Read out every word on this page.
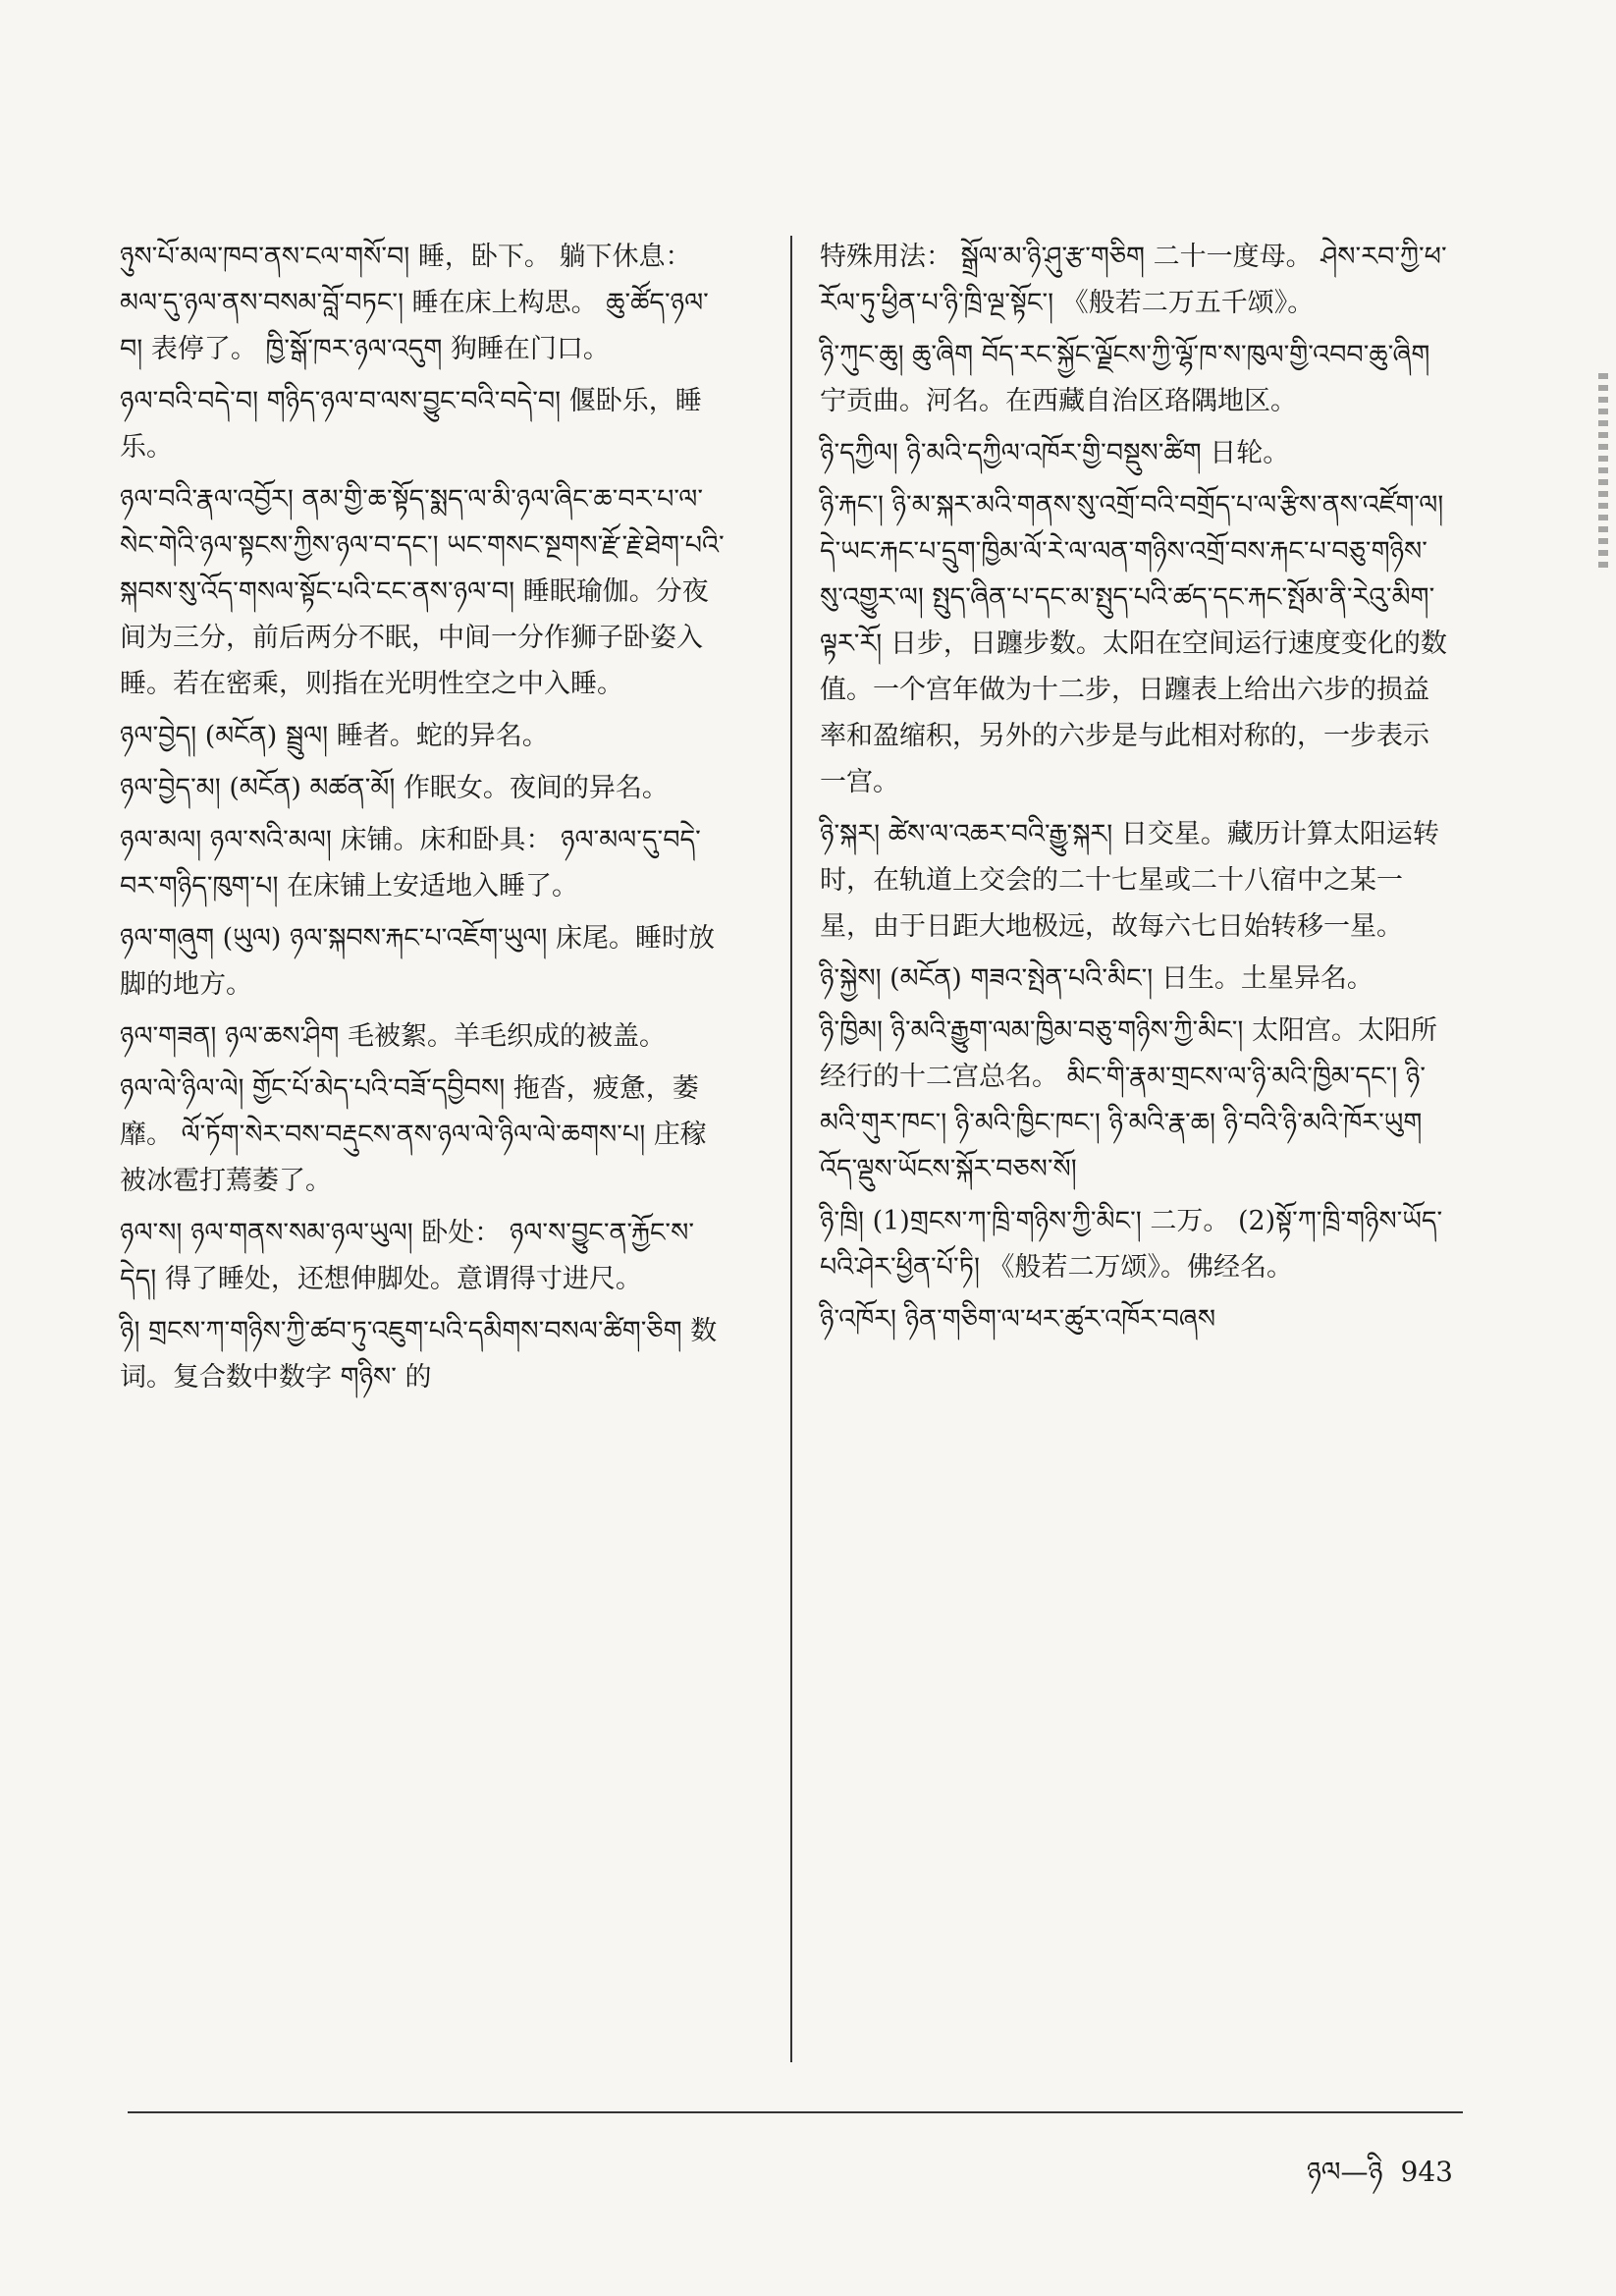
ཉུས་པོ་མལ་ཁབ་ནས་ངལ་གསོ་བ། 睡，卧下。 躺下休息： མལ་དུ་ཉལ་ནས་བསམ་བློ་བཏང་། 睡在床上构思。 ཆུ་ཚོད་ཉལ་བ། 表停了。 ཁྱི་སྒོ་ཁར་ཉལ་འདུག 狗睡在门口。
ཉལ་བའི་བདེ་བ། གཉིད་ཉལ་བ་ལས་བྱུང་བའི་བདེ་བ། 偃卧乐，睡乐。
ཉལ་བའི་རྣལ་འབྱོར། ནམ་གྱི་ཆ་སྟོད་སྨད་ལ་མི་ཉལ་ཞིང་ཆ་བར་པ་ལ་སེང་གེའི་ཉལ་སྟངས་ཀྱིས་ཉལ་བ་དང་། ཡང་གསང་སྔགས་རྫོ་རྗེ་ཐེག་པའི་སྐབས་སུ་འོད་གསལ་སྟོང་པའི་ངང་ནས་ཉལ་བ། 睡眠瑜伽。分夜间为三分，前后两分不眠，中间一分作狮子卧姿入睡。若在密乘，则指在光明性空之中入睡。
ཉལ་བྱེད། (མངོན) སྦྲུལ། 睡者。蛇的异名。
ཉལ་བྱེད་མ། (མངོན) མཚན་མོ། 作眠女。夜间的异名。
ཉལ་མལ། ཉལ་སའི་མལ། 床铺。床和卧具： ཉལ་མལ་དུ་བདེ་བར་གཉིད་ཁུག་པ། 在床铺上安适地入睡了。
ཉལ་གཞུག (ཡུལ) ཉལ་སྐབས་རྐང་པ་འཇོག་ཡུལ། 床尾。睡时放脚的地方。
ཉལ་གཟན། ཉལ་ཆས་ཤིག 毛被絮。羊毛织成的被盖。
ཉལ་ལེ་ཉིལ་ལེ། གྱོང་པོ་མེད་པའི་བཟོ་དབྱིབས། 拖沓，疲惫，萎靡。 ལོ་ཏོག་སེར་བས་བརྡུངས་ནས་ཉལ་ལེ་ཉིལ་ལེ་ཆགས་པ། 庄稼被冰雹打蔫萎了。
ཉལ་ས། ཉལ་གནས་སམ་ཉལ་ཡུལ། 卧处： ཉལ་ས་བྱུང་ན་རྐྱོང་ས་དེད། 得了睡处，还想伸脚处。意谓得寸进尺。
ཉི། གྲངས་ཀ་གཉིས་ཀྱི་ཚབ་ཏུ་འཇུག་པའི་དམིགས་བསལ་ཚིག་ཅིག 数词。复合数中数字 གཉིས་ 的
特殊用法： སྒྲོལ་མ་ཉི་ཤུ་རྩ་གཅིག 二十一度母。 ཤེས་རབ་ཀྱི་ཕ་རོལ་ཏུ་ཕྱིན་པ་ཉི་ཁྲི་ལྔ་སྟོང་། 《般若二万五千颂》。
ཉི་ཀུང་ཆུ། ཆུ་ཞིག བོད་རང་སྐྱོང་ལྗོངས་ཀྱི་ལྷོ་ཁ་ས་ཁུལ་གྱི་འབབ་ཆུ་ཞིག 宁贡曲。河名。在西藏自治区珞隅地区。
ཉི་དཀྱིལ། ཉི་མའི་དཀྱིལ་འཁོར་གྱི་བསྡུས་ཚིག 日轮。
ཉི་རྐང་། ཉི་མ་སྐར་མའི་གནས་སུ་འགྲོ་བའི་བགྲོད་པ་ལ་རྩིས་ནས་འཛོག་ལ། དེ་ཡང་རྐང་པ་དྲུག་ཁྱིམ་ལོ་རེ་ལ་ལན་གཉིས་འགྲོ་བས་རྐང་པ་བཅུ་གཉིས་སུ་འགྱུར་ལ། སྤུད་ཞིན་པ་དང་མ་སྤུད་པའི་ཚད་དང་རྐང་སྤོམ་ནི་རེའུ་མིག་ལྟར་རོ། 日步，日躔步数。太阳在空间运行速度变化的数值。一个宫年做为十二步，日躔表上给出六步的损益率和盈缩积，另外的六步是与此相对称的，一步表示一宫。
ཉི་སྐར། ཚེས་ལ་འཆར་བའི་རྒྱུ་སྐར། 日交星。藏历计算太阳运转时，在轨道上交会的二十七星或二十八宿中之某一星，由于日距大地极远，故每六七日始转移一星。
ཉི་སྐྱེས། (མངོན) གཟའ་སྤེན་པའི་མིང་། 日生。土星异名。
ཉི་ཁྱིམ། ཉི་མའི་རྒྱུག་ལམ་ཁྱིམ་བཅུ་གཉིས་ཀྱི་མིང་། 太阳宫。太阳所经行的十二宫总名。 མིང་གི་རྣམ་གྲངས་ལ་ཉི་མའི་ཁྱིམ་དང་། ཉི་མའི་གུར་ཁང་། ཉི་མའི་ཁྱིང་ཁང་། ཉི་མའི་རྣ་ཆ། ཉི་བའི་ཉི་མའི་ཁོར་ཡུག འོད་ལྡུས་ཡོངས་སྐོར་བཅས་སོ།
ཉི་ཁྲི། (1)གྲངས་ཀ་ཁྲི་གཉིས་ཀྱི་མིང་། 二万。 (2)སྟོ་ཀ་ཁྲི་གཉིས་ཡོད་པའི་ཤེར་ཕྱིན་པོ་ཏི། 《般若二万颂》。佛经名。
ཉི་འཁོར། ཉིན་གཅིག་ལ་ཕར་ཚུར་འཁོར་བཞས
ཉལ—ཉི 943
